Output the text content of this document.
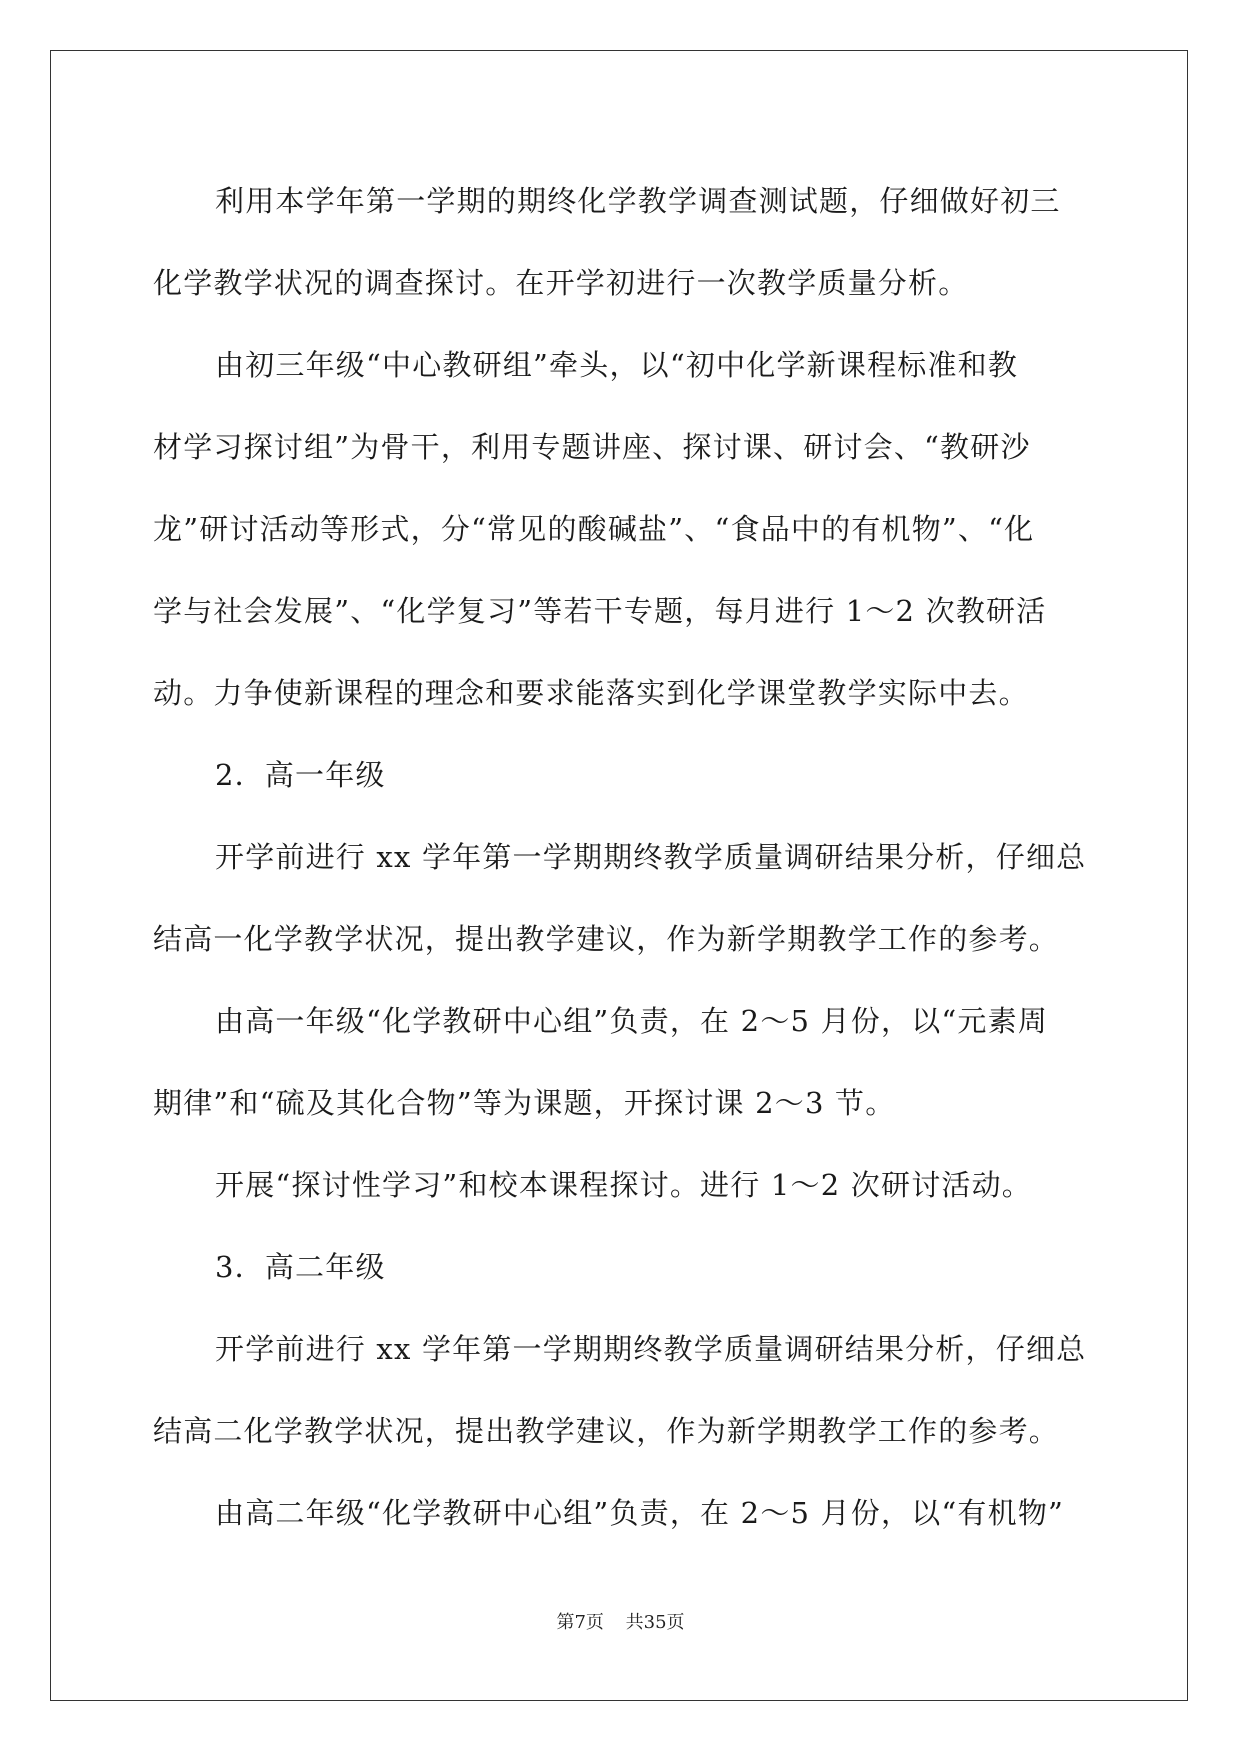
利用本学年第一学期的期终化学教学调查测试题，仔细做好初三
化学教学状况的调查探讨。在开学初进行一次教学质量分析。

由初三年级“中心教研组”牵头，以“初中化学新课程标准和教
材学习探讨组”为骨干，利用专题讲座、探讨课、研讨会、“教研沙
龙”研讨活动等形式，分“常见的酸碱盐”、“食品中的有机物”、“化
学与社会发展”、“化学复习”等若干专题，每月进行 1～2 次教研活
动。力争使新课程的理念和要求能落实到化学课堂教学实际中去。

2．高一年级

开学前进行 xx 学年第一学期期终教学质量调研结果分析，仔细总
结高一化学教学状况，提出教学建议，作为新学期教学工作的参考。

由高一年级“化学教研中心组”负责，在 2～5 月份，以“元素周
期律”和“硫及其化合物”等为课题，开探讨课 2～3 节。

开展“探讨性学习”和校本课程探讨。进行 1～2 次研讨活动。

3．高二年级

开学前进行 xx 学年第一学期期终教学质量调研结果分析，仔细总
结高二化学教学状况，提出教学建议，作为新学期教学工作的参考。

由高二年级“化学教研中心组”负责，在 2～5 月份，以“有机物”

第7页 共35页
